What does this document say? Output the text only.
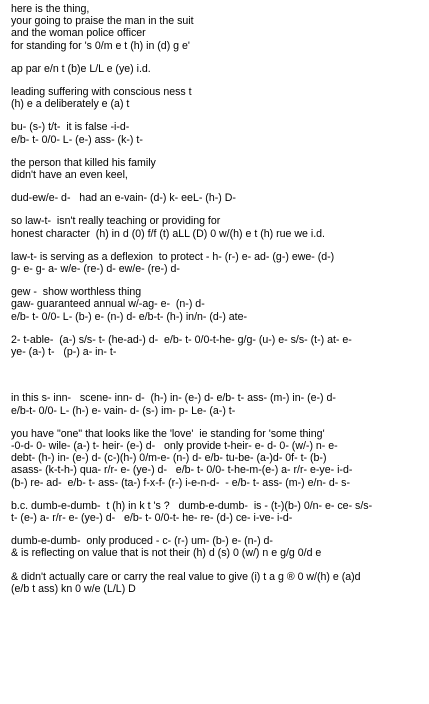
here is the thing,
your going to praise the man in the suit
and the woman police officer
for standing for 's 0/m e t (h) in (d) g e'
ap par e/n t (b)e L/L e (ye) i.d.
leading suffering with conscious ness t
(h) e a deliberately e (a) t
bu- (s-) t/t-  it is false -i-d-
e/b- t- 0/0- L- (e-) ass- (k-) t-
the person that killed his family
didn't have an even keel,
dud-ew/e- d-   had an e-vain- (d-) k- eeL- (h-) D-
so law-t-  isn't really teaching or providing for
honest character  (h) in d (0) f/f (t) aLL (D) 0 w/(h) e t (h) rue we i.d.
law-t- is serving as a deflexion  to protect - h- (r-) e- ad- (g-) ewe- (d-)
g- e- g- a- w/e- (re-) d- ew/e- (re-) d-
gew -  show worthless thing
gaw- guaranteed annual w/-ag- e-  (n-) d-
e/b- t- 0/0- L- (b-) e- (n-) d- e/b-t- (h-) in/n- (d-) ate-
2- t-able-  (a-) s/s- t- (he-ad-) d-  e/b- t- 0/0-t-he- g/g- (u-) e- s/s- (t-) at- e-
ye- (a-) t-   (p-) a- in- t-
in this s- inn-   scene- inn- d-  (h-) in- (e-) d- e/b- t- ass- (m-) in- (e-) d-
e/b-t- 0/0- L- (h-) e- vain- d- (s-) im- p- Le- (a-) t-
you have "one" that looks like the 'love'  ie standing for 'some thing'
-0-d- 0- wile- (a-) t- heir- (e-) d-   only provide t-heir- e- d- 0- (w/-) n- e-
debt- (h-) in- (e-) d- (c-)(h-) 0/m-e- (n-) d- e/b- tu-be- (a-)d- 0f- t- (b-)
asass- (k-t-h-) qua- r/r- e- (ye-) d-   e/b- t- 0/0- t-he-m-(e-) a- r/r- e-ye- i-d-
(b-) re- ad-  e/b- t- ass- (ta-) f-x-f- (r-) i-e-n-d-  - e/b- t- ass- (m-) e/n- d- s-
b.c. dumb-e-dumb-  t (h) in k t 's ?   dumb-e-dumb-  is - (t-)(b-) 0/n- e- ce- s/s-
t- (e-) a- r/r- e- (ye-) d-   e/b- t- 0/0-t- he- re- (d-) ce- i-ve- i-d-
dumb-e-dumb-  only produced - c- (r-) um- (b-) e- (n-) d-
& is reflecting on value that is not their (h) d (s) 0 (w/) n e g/g 0/d e
& didn't actually care or carry the real value to give (i) t a g ® 0 w/(h) e (a)d
(e/b t ass) kn 0 w/e (L/L) D
